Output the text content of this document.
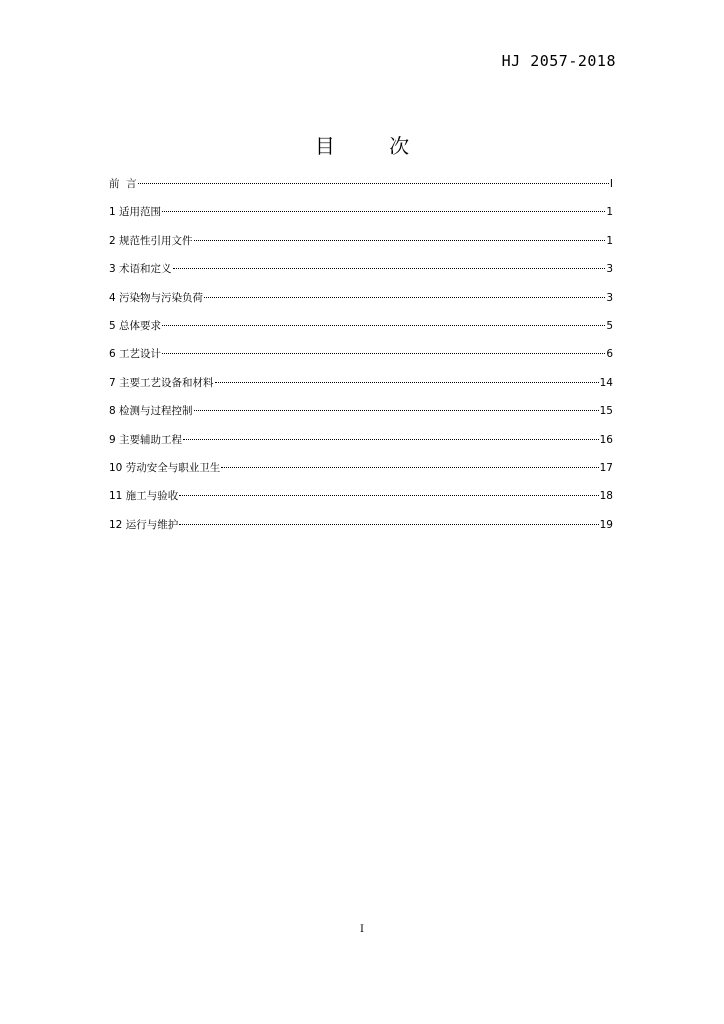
HJ 2057-2018
目 次
前  言	I
1 适用范围	1
2 规范性引用文件	1
3 术语和定义	3
4 污染物与污染负荷	3
5 总体要求	5
6 工艺设计	6
7 主要工艺设备和材料	14
8 检测与过程控制	15
9 主要辅助工程	16
10 劳动安全与职业卫生	17
11 施工与验收	18
12 运行与维护	19
I
